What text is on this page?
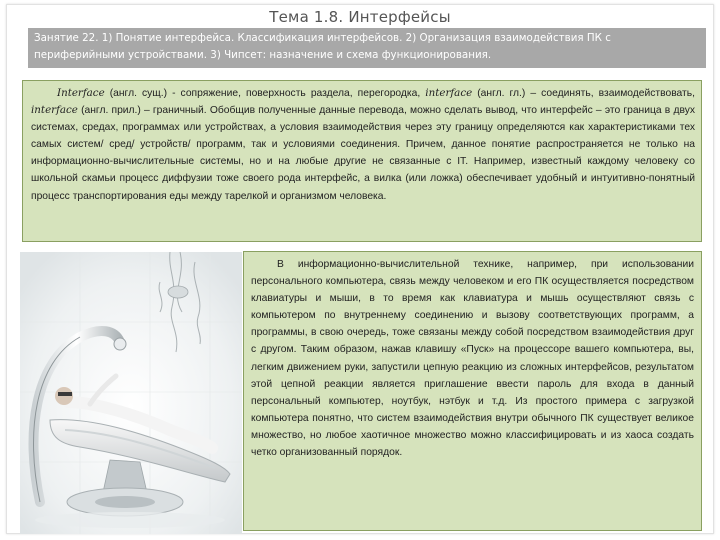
Тема 1.8. Интерфейсы
Занятие 22. 1) Понятие интерфейса. Классификация интерфейсов. 2) Организация взаимодействия ПК с периферийными устройствами. 3) Чипсет: назначение и схема функционирования.
Interface (англ. сущ.) - сопряжение, поверхность раздела, перегородка, interface (англ. гл.) – соединять, взаимодействовать, interface (англ. прил.) – граничный. Обобщив полученные данные перевода, можно сделать вывод, что интерфейс – это граница в двух системах, средах, программах или устройствах, а условия взаимодействия через эту границу определяются как характеристиками тех самых систем/ сред/ устройств/ программ, так и условиями соединения. Причем, данное понятие распространяется не только на информационно-вычислительные системы, но и на любые другие не связанные с IT. Например, известный каждому человеку со школьной скамьи процесс диффузии тоже своего рода интерфейс, а вилка (или ложка) обеспечивает удобный и интуитивно-понятный процесс транспортирования еды между тарелкой и организмом человека.
В информационно-вычислительной технике, например, при использовании персонального компьютера, связь между человеком и его ПК осуществляется посредством клавиатуры и мыши, в то время как клавиатура и мышь осуществляют связь с компьютером по внутреннему соединению и вызову соответствующих программ, а программы, в свою очередь, тоже связаны между собой посредством взаимодействия друг с другом. Таким образом, нажав клавишу «Пуск» на процессоре вашего компьютера, вы, легким движением руки, запустили цепную реакцию из сложных интерфейсов, результатом этой цепной реакции является приглашение ввести пароль для входа в данный персональный компьютер, ноутбук, нэтбук и т.д. Из простого примера с загрузкой компьютера понятно, что систем взаимодействия внутри обычного ПК существует великое множество, но любое хаотичное множество можно классифицировать и из хаоса создать четко организованный порядок.
